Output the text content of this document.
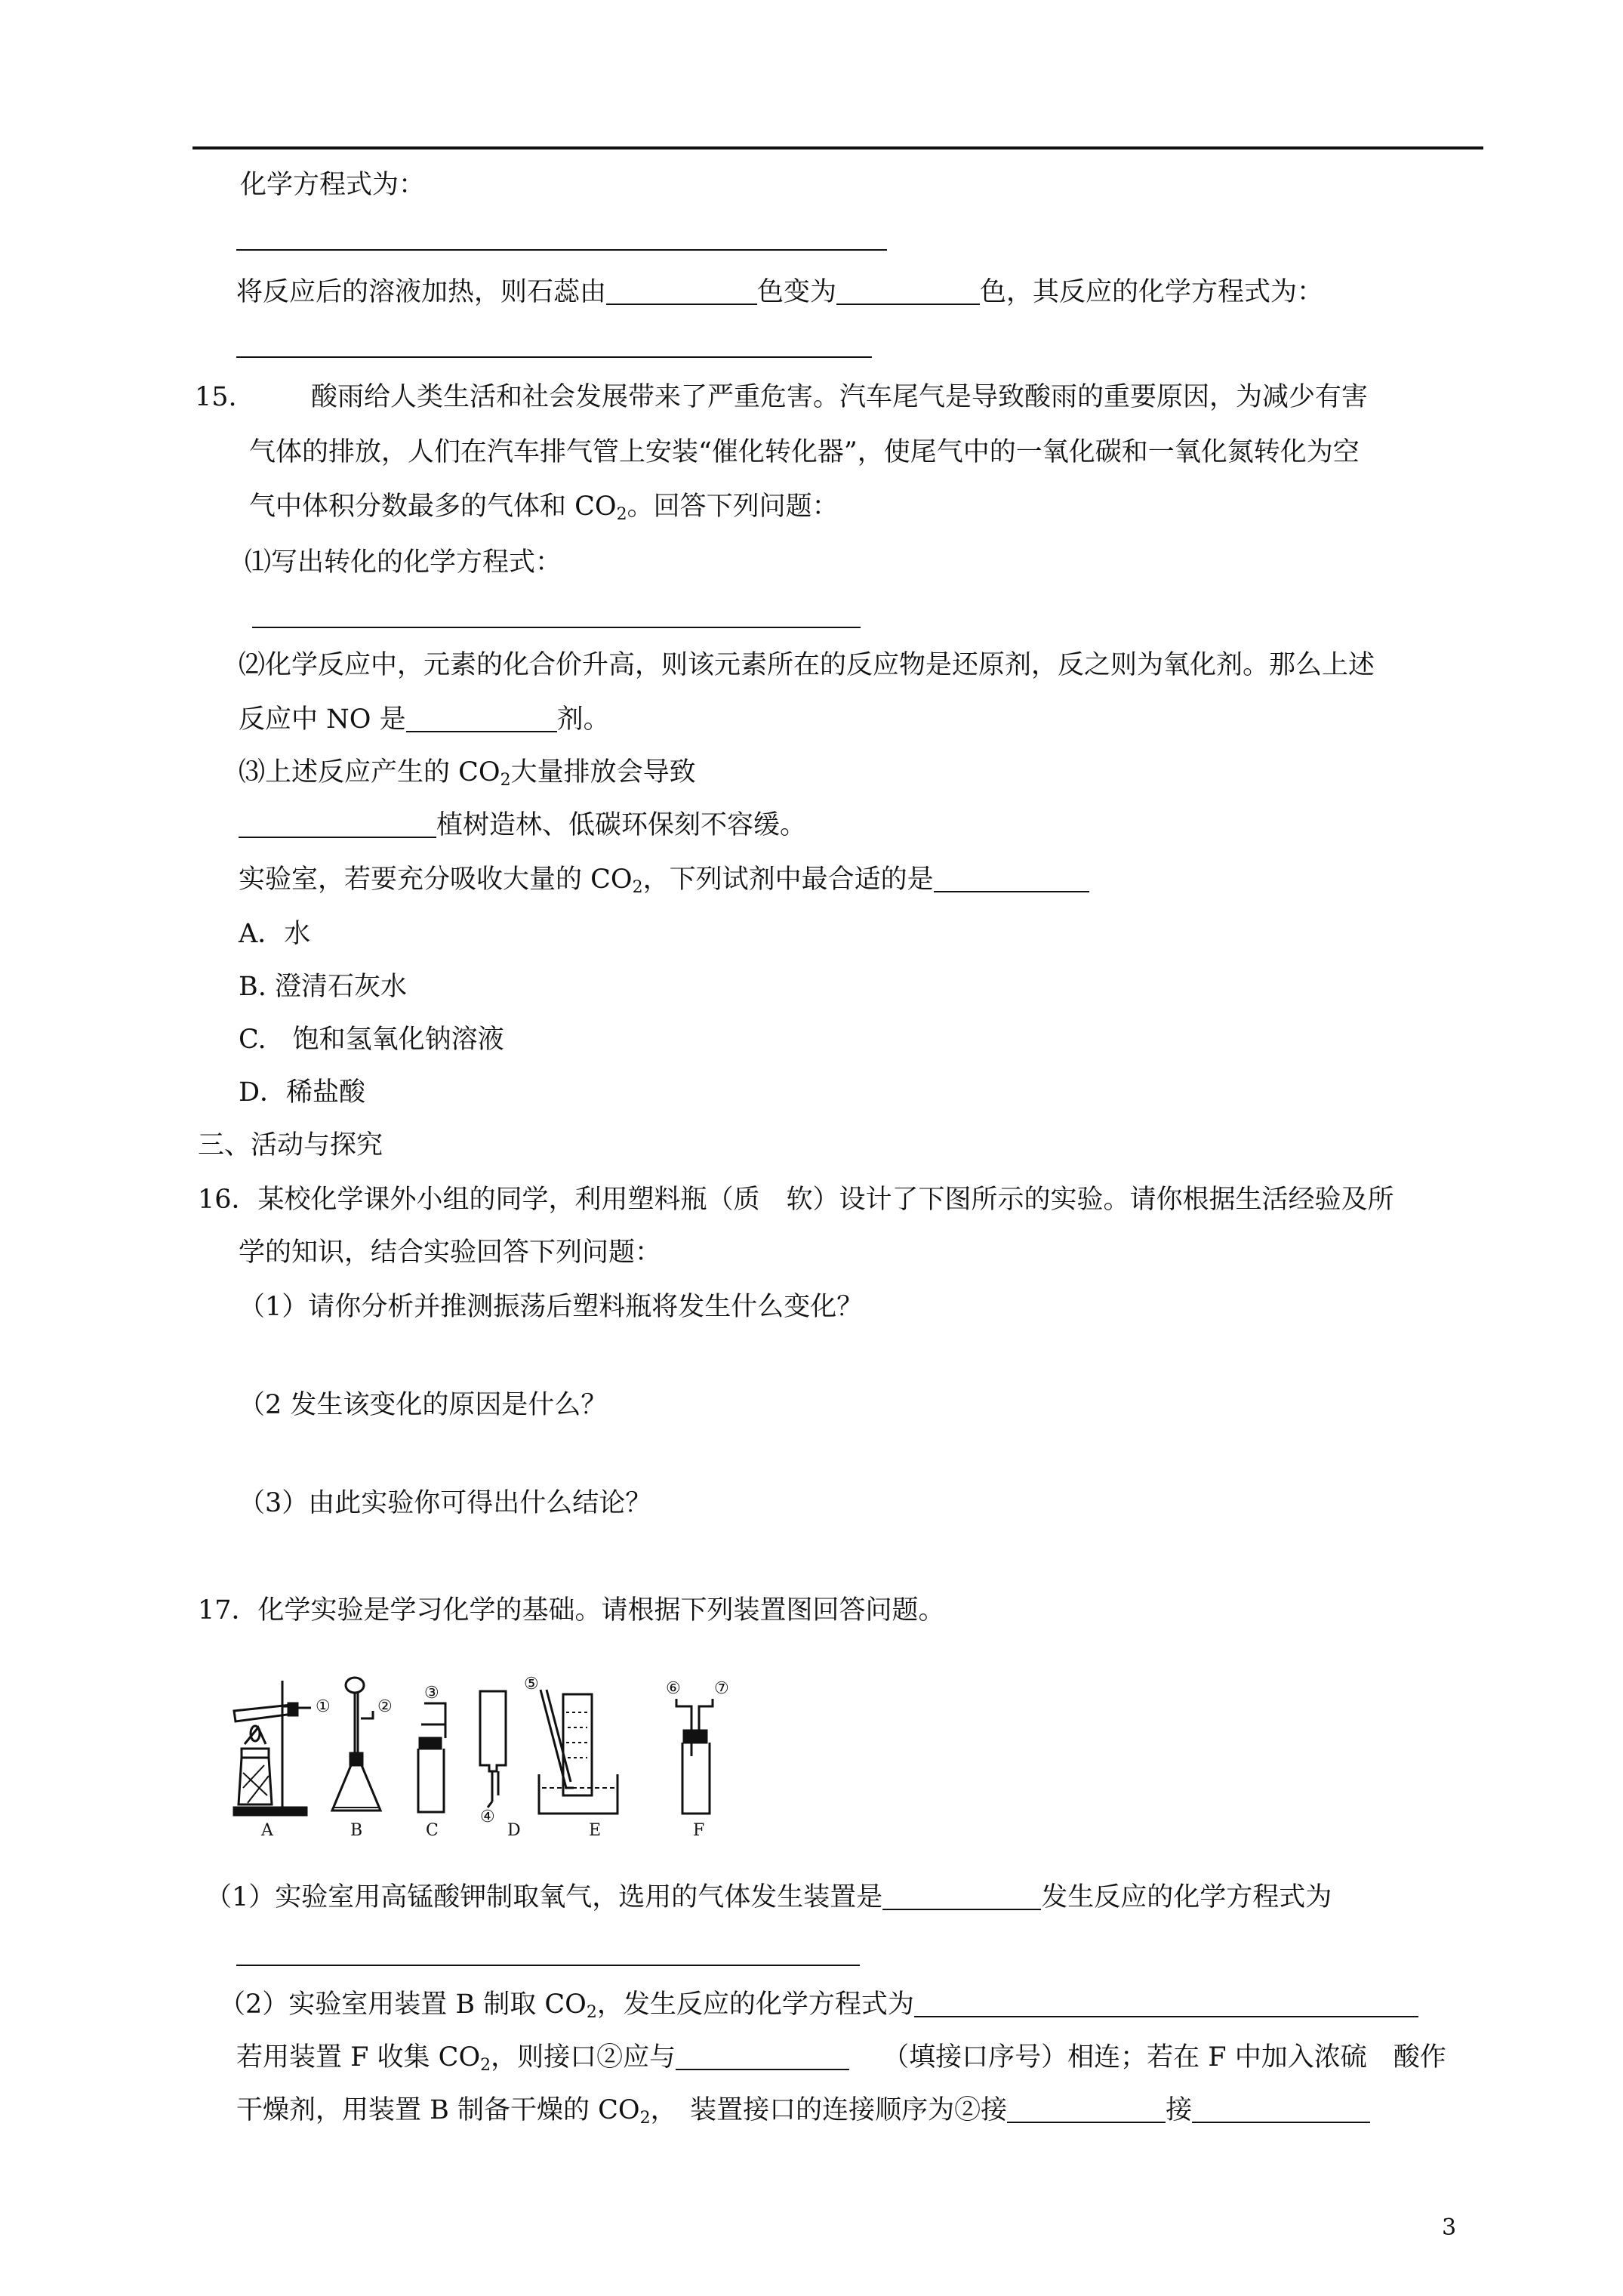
化学方程式为：
将反应后的溶液加热，则石蕊由	色变为	色，其反应的化学方程式为：
15.	酸雨给人类生活和社会发展带来了严重危害。汽车尾气是导致酸雨的重要原因，为减少有害
气体的排放，人们在汽车排气管上安装“催化转化器”，使尾气中的一氧化碳和一氧化氮转化为空
气中体积分数最多的气体和 $CO_2$。回答下列问题：
⑴写出转化的化学方程式：
⑵化学反应中，元素的化合价升高，则该元素所在的反应物是还原剂，反之则为氧化剂。那么上述
反应中 NO 是	剂。
⑶上述反应产生的 $CO_2$大量排放会导致
植树造林、低碳环保刻不容缓。
实验室，若要充分吸收大量的 $CO_2$，下列试剂中最合适的是
A．水
B. 澄清石灰水
C.　饱和氢氧化钠溶液
D．稀盐酸
三、活动与探究
16．某校化学课外小组的同学，利用塑料瓶（质　软）设计了下图所示的实验。请你根据生活经验及所
学的知识，结合实验回答下列问题：
（1）请你分析并推测振荡后塑料瓶将发生什么变化？
（2 发生该变化的原因是什么？
（3）由此实验你可得出什么结论？
17．化学实验是学习化学的基础。请根据下列装置图回答问题。
①	②
③
④
⑤	⑥ ⑦
A	B	C	D	E	F
（1）实验室用高锰酸钾制取氧气，选用的气体发生装置是	发生反应的化学方程式为
（2）实验室用装置 B 制取 $CO_2$，发生反应的化学方程式为
若用装置 F 收集 $CO_2$，则接口②应与	（填接口序号）相连；若在 F 中加入浓硫　酸作
干燥剂，用装置 B 制备干燥的 $CO_2$，　装置接口的连接顺序为②接	接
3
